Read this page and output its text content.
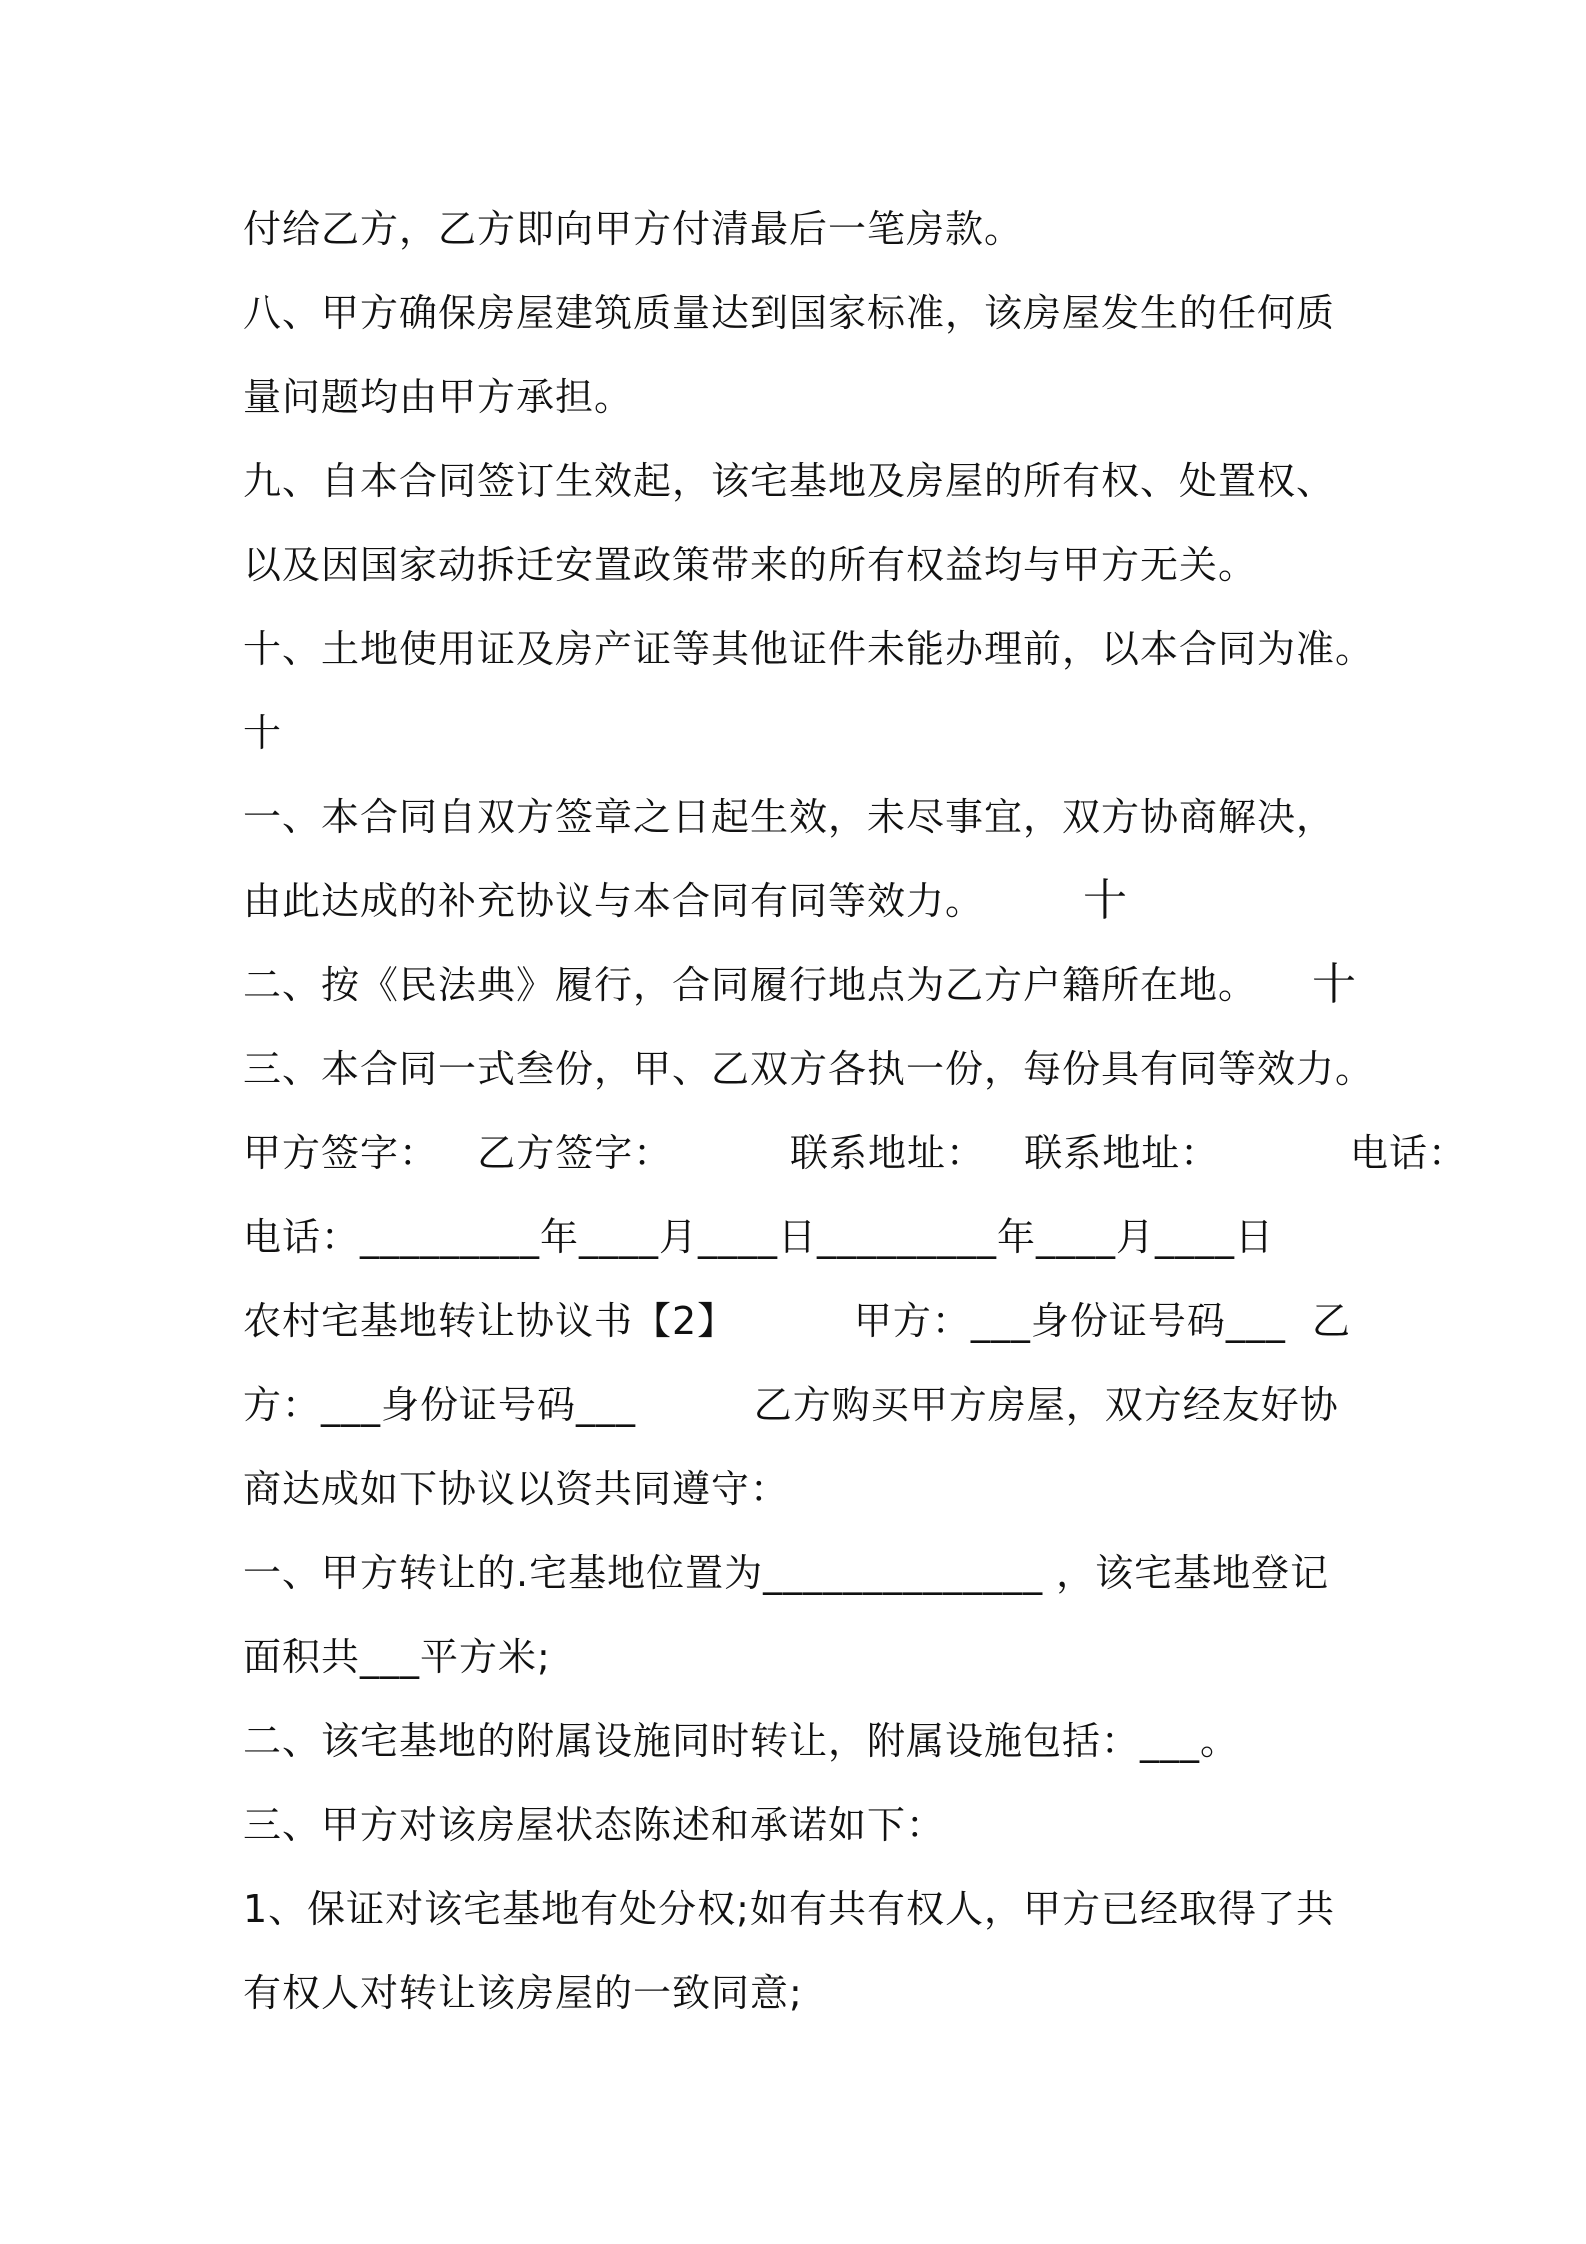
付给乙方，乙方即向甲方付清最后一笔房款。
八、甲方确保房屋建筑质量达到国家标准，该房屋发生的任何质
量问题均由甲方承担。
九、自本合同签订生效起，该宅基地及房屋的所有权、处置权、
以及因国家动拆迁安置政策带来的所有权益均与甲方无关。
十、土地使用证及房产证等其他证件未能办理前，以本合同为准。
十
一、本合同自双方签章之日起生效，未尽事宜，双方协商解决，
由此达成的补充协议与本合同有同等效力。	十
二、按《民法典》履行，合同履行地点为乙方户籍所在地。	十
三、本合同一式叁份，甲、乙双方各执一份，每份具有同等效力。
甲方签字：   乙方签字：         联系地址：   联系地址：          电话：
电话：_________年____月____日_________年____月____日
农村宅基地转让协议书【2】         甲方：___身份证号码___  乙
方：___身份证号码___         乙方购买甲方房屋，双方经友好协
商达成如下协议以资共同遵守：
一、甲方转让的.宅基地位置为______________ ，该宅基地登记
面积共___平方米;
二、该宅基地的附属设施同时转让，附属设施包括：___。
三、甲方对该房屋状态陈述和承诺如下：
1、保证对该宅基地有处分权;如有共有权人，甲方已经取得了共
有权人对转让该房屋的一致同意;
